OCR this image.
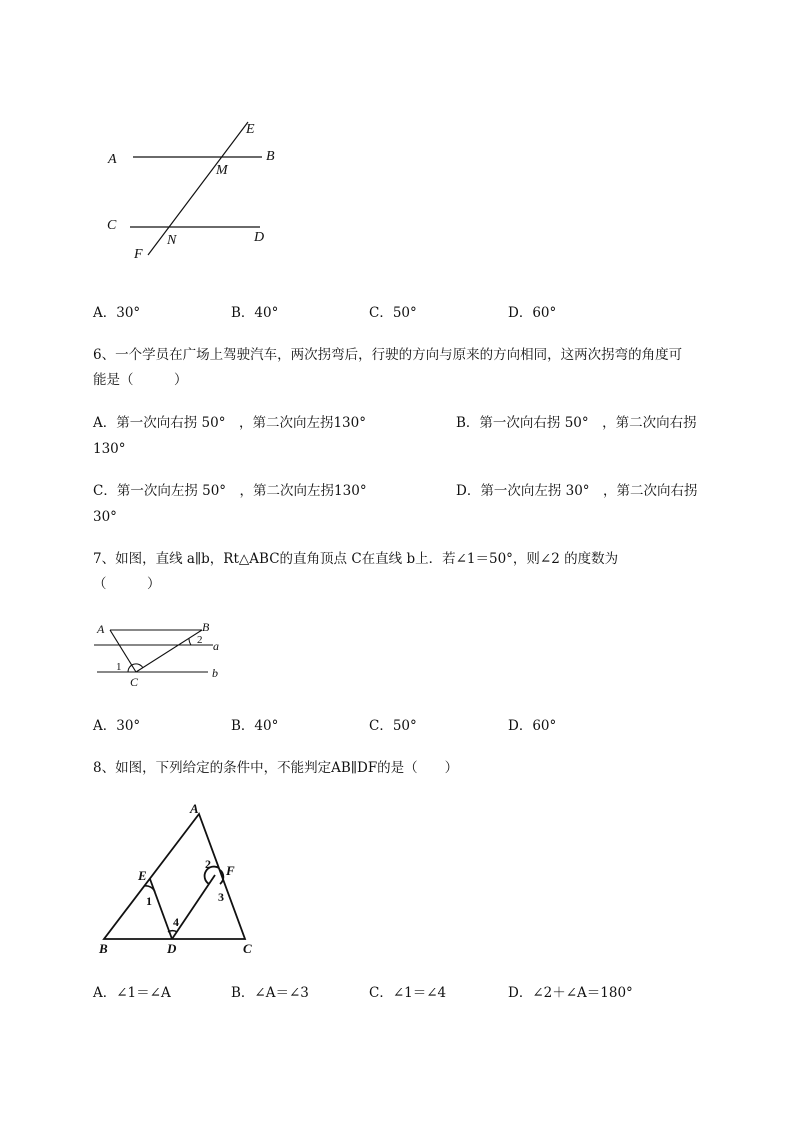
A	B
C
D
E
F
M
N
A．30°	B．40°	C．50°	D．60°
6、一个学员在广场上驾驶汽车，两次拐弯后，行驶的方向与原来的方向相同，这两次拐弯的角度可
能是（　　　）
A．第一次向右拐 50°　，第二次向左拐130°	B．第一次向右拐 50°　，第二次向右拐
130°
C．第一次向左拐 50°　，第二次向左拐130°	D．第一次向左拐 30°　，第二次向右拐
30°
7、如图，直线 a∥b，Rt△ABC的直角顶点 C在直线 b上．若∠1＝50°，则∠2 的度数为
（　　　）
A	B
C
a
b
1
2
A．30°	B．40°	C．50°	D．60°
8、如图，下列给定的条件中，不能判定AB∥DF的是（　　）
A
B	C
D
E	F
1
2
3
4
A．∠1＝∠A	B．∠A＝∠3	C．∠1＝∠4	D．∠2＋∠A＝180°
